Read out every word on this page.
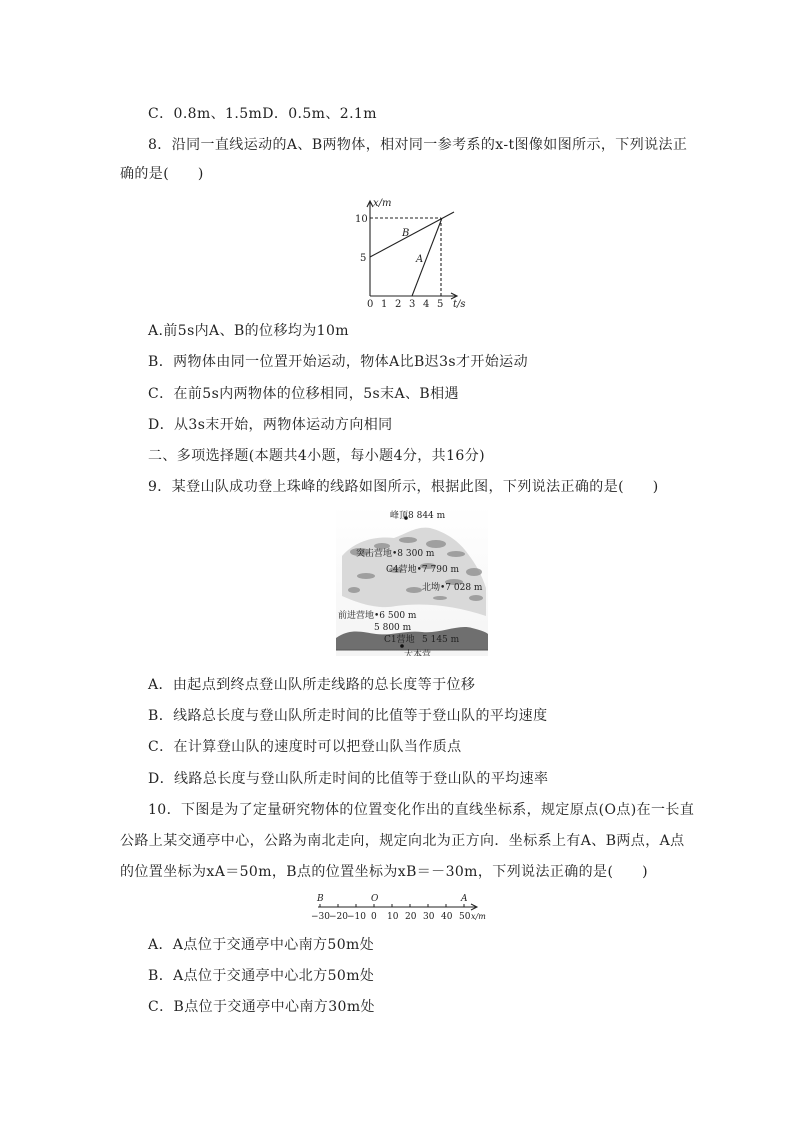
C．0.8m、1.5mD．0.5m、2.1m
8．沿同一直线运动的A、B两物体，相对同一参考系的x-t图像如图所示，下列说法正
确的是(　　)
x/m
10
5
0 1 2 3 4 5 t/s
B
A
A.前5s内A、B的位移均为10m
B．两物体由同一位置开始运动，物体A比B迟3s才开始运动
C．在前5s内两物体的位移相同，5s末A、B相遇
D．从3s末开始，两物体运动方向相同
二、多项选择题(本题共4小题，每小题4分，共16分)
9．某登山队成功登上珠峰的线路如图所示，根据此图，下列说法正确的是(　　)
峰顶8 844 m
突击营地•8 300 m
C4营地•7 790 m
北坳•7 028 m
前进营地•6 500 m
5 800 m
C1营地 5 145 m
大本营
A．由起点到终点登山队所走线路的总长度等于位移
B．线路总长度与登山队所走时间的比值等于登山队的平均速度
C．在计算登山队的速度时可以把登山队当作质点
D．线路总长度与登山队所走时间的比值等于登山队的平均速率
10．下图是为了定量研究物体的位置变化作出的直线坐标系，规定原点(O点)在一长直
公路上某交通亭中心，公路为南北走向，规定向北为正方向．坐标系上有A、B两点，A点
的位置坐标为xA＝50m，B点的位置坐标为xB＝－30m，下列说法正确的是(　　)
B	O	A
−30 −20 −10 0 10 20 30 40 50 x/m
A．A点位于交通亭中心南方50m处
B．A点位于交通亭中心北方50m处
C．B点位于交通亭中心南方30m处
